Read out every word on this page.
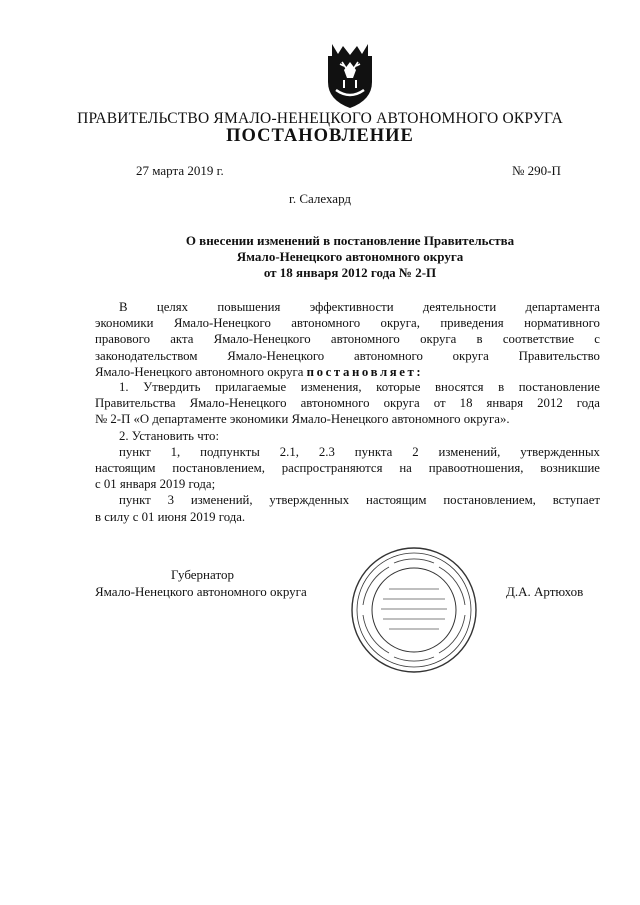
ПРАВИТЕЛЬСТВО ЯМАЛО-НЕНЕЦКОГО АВТОНОМНОГО ОКРУГА
ПОСТАНОВЛЕНИЕ
27 марта 2019 г.	№ 290-П
г. Салехард
О внесении изменений в постановление Правительства
Ямало-Ненецкого автономного округа
от 18 января 2012 года № 2-П
В целях повышения эффективности деятельности департамента
экономики Ямало-Ненецкого автономного округа, приведения нормативного
правового акта Ямало-Ненецкого автономного округа в соответствие с
законодательством Ямало-Ненецкого автономного округа Правительство
Ямало-Ненецкого автономного округа постановляет:
1. Утвердить прилагаемые изменения, которые вносятся в постановление
Правительства Ямало-Ненецкого автономного округа от 18 января 2012 года
№ 2-П «О департаменте экономики Ямало-Ненецкого автономного округа».
2. Установить что:
пункт 1, подпункты 2.1, 2.3 пункта 2 изменений, утвержденных
настоящим постановлением, распространяются на правоотношения, возникшие
с 01 января 2019 года;
пункт 3 изменений, утвержденных настоящим постановлением, вступает
в силу с 01 июня 2019 года.
Губернатор
Ямало-Ненецкого автономного округа	Д.А. Артюхов
